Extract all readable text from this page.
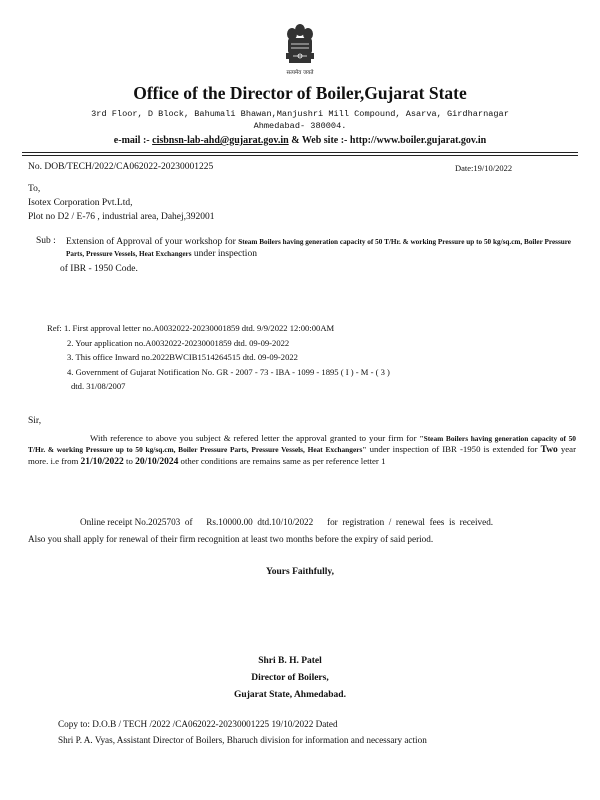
सत्यमेव जयते
Office of the Director of Boiler,Gujarat State
3rd Floor, D Block, Bahumali Bhawan,Manjushri Mill Compound, Asarva, Girdharnagar
Ahmedabad- 380004.
e-mail :- cisbnsn-lab-ahd@gujarat.gov.in & Web site :- http://www.boiler.gujarat.gov.in
No. DOB/TECH/2022/CA062022-20230001225	Date:19/10/2022
To,
Isotex Corporation Pvt.Ltd,
Plot no D2 / E-76 , industrial area, Dahej,392001
Sub : Extension of Approval of your workshop for Steam Boilers having generation capacity of 50 T/Hr. & working Pressure up to 50 kg/sq.cm, Boiler Pressure Parts, Pressure Vessels, Heat Exchangers under inspection
of IBR - 1950 Code.
Ref: 1. First approval letter no.A0032022-20230001859 dtd. 9/9/2022 12:00:00AM
2. Your application no.A0032022-20230001859 dtd. 09-09-2022
3. This office Inward no.2022BWCIB1514264515 dtd. 09-09-2022
4. Government of Gujarat Notification No. GR - 2007 - 73 - IBA - 1099 - 1895 ( I ) - M - ( 3 )
dtd. 31/08/2007
Sir,
With reference to above you subject & refered letter the approval granted to your firm for "Steam Boilers having generation capacity of 50 T/Hr. & working Pressure up to 50 kg/sq.cm, Boiler Pressure Parts, Pressure Vessels, Heat Exchangers" under inspection of IBR -1950 is extended for Two year more. i.e from 21/10/2022 to 20/10/2024 other conditions are remains same as per reference letter 1
Online receipt No.2025703  of      Rs.10000.00  dtd.10/10/2022      for  registration  /  renewal  fees  is  received.
Also you shall apply for renewal of their firm recognition at least two months before the expiry of said period.
Yours Faithfully,
Shri B. H. Patel
Director of Boilers,
Gujarat State, Ahmedabad.
Copy to: D.O.B / TECH /2022 /CA062022-20230001225 19/10/2022 Dated
Shri P. A. Vyas, Assistant Director of Boilers, Bharuch division for information and necessary action
